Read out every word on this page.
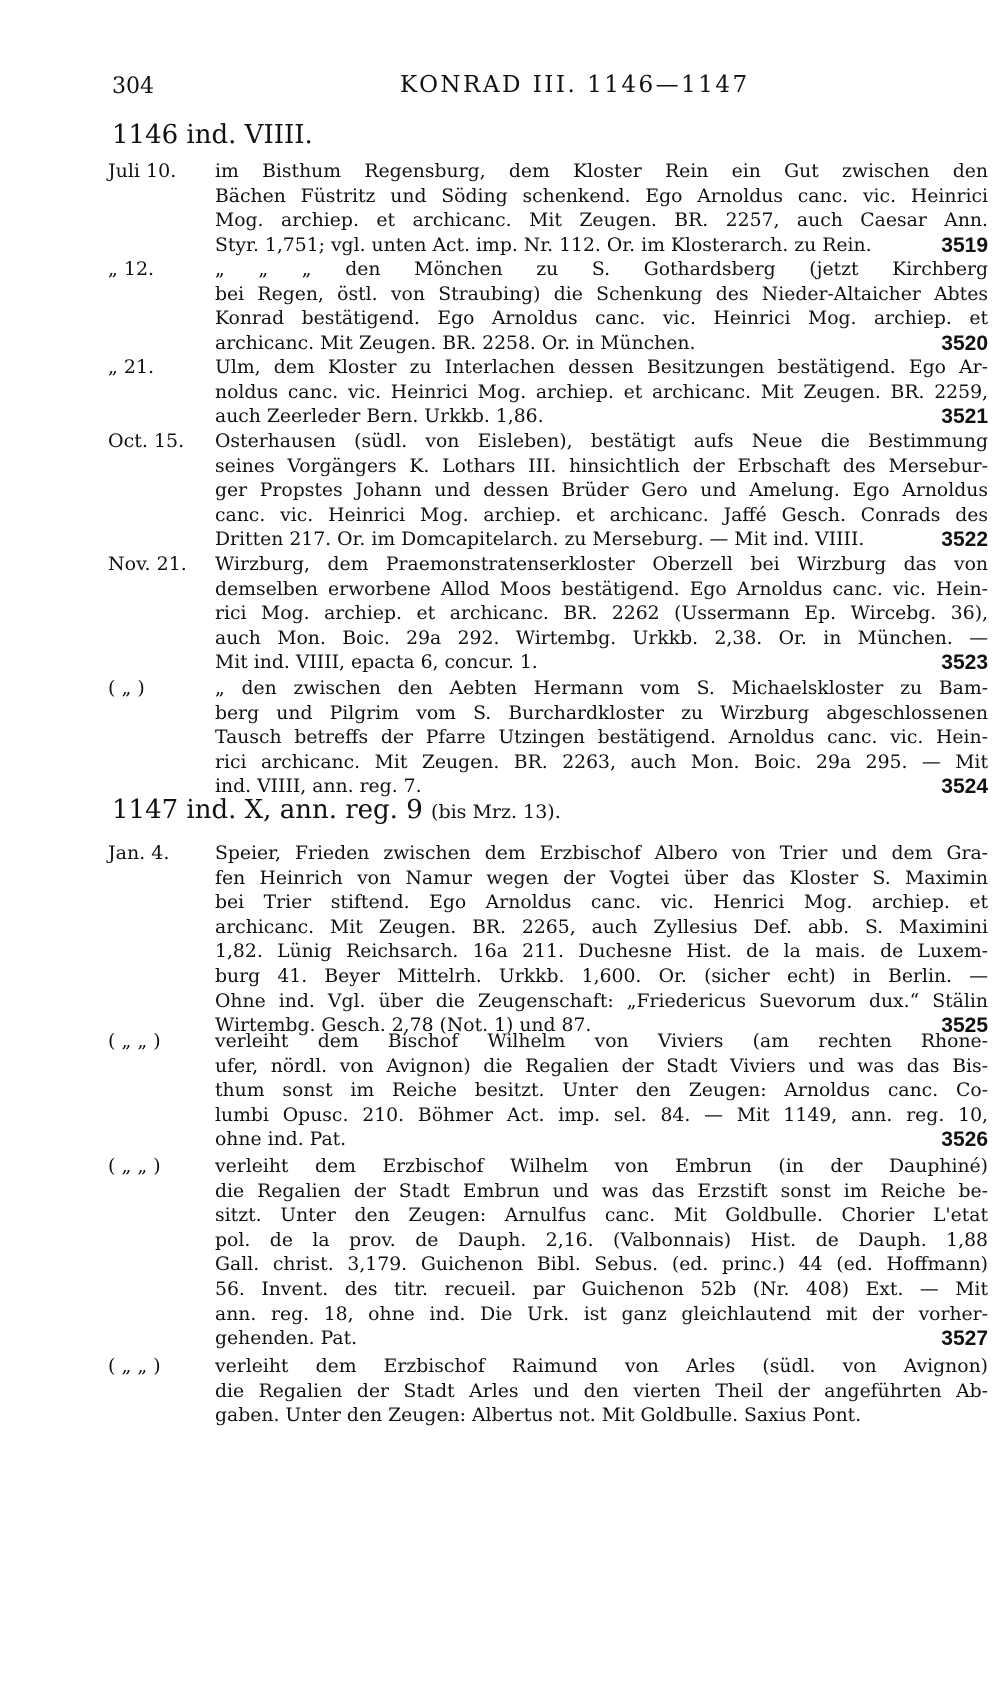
304	KONRAD III. 1146—1147
1146 ind. VIIII.
1147 ind. X, ann. reg. 9 (bis Mrz. 13).
Juli 10.	im Bisthum Regensburg, dem Kloster Rein ein Gut zwischen den
Bächen Füstritz und Söding schenkend. Ego Arnoldus canc. vic. Heinrici
Mog. archiep. et archicanc. Mit Zeugen. BR. 2257, auch Caesar Ann.
Styr. 1,751; vgl. unten Act. imp. Nr. 112. Or. im Klosterarch. zu Rein.	3519
„ 12.	„ „ „ den Mönchen zu S. Gothardsberg (jetzt Kirchberg
bei Regen, östl. von Straubing) die Schenkung des Nieder-Altaicher Abtes
Konrad bestätigend. Ego Arnoldus canc. vic. Heinrici Mog. archiep. et
archicanc. Mit Zeugen. BR. 2258. Or. in München.	3520
„ 21.	Ulm, dem Kloster zu Interlachen dessen Besitzungen bestätigend. Ego Ar-
noldus canc. vic. Heinrici Mog. archiep. et archicanc. Mit Zeugen. BR. 2259,
auch Zeerleder Bern. Urkkb. 1,86.	3521
Oct. 15.	Osterhausen (südl. von Eisleben), bestätigt aufs Neue die Bestimmung
seines Vorgängers K. Lothars III. hinsichtlich der Erbschaft des Mersebur-
ger Propstes Johann und dessen Brüder Gero und Amelung. Ego Arnoldus
canc. vic. Heinrici Mog. archiep. et archicanc. Jaffé Gesch. Conrads des
Dritten 217. Or. im Domcapitelarch. zu Merseburg. — Mit ind. VIIII.	3522
Nov. 21.	Wirzburg, dem Praemonstratenserkloster Oberzell bei Wirzburg das von
demselben erworbene Allod Moos bestätigend. Ego Arnoldus canc. vic. Hein-
rici Mog. archiep. et archicanc. BR. 2262 (Ussermann Ep. Wircebg. 36),
auch Mon. Boic. 29a 292. Wirtembg. Urkkb. 2,38. Or. in München. —
Mit ind. VIIII, epacta 6, concur. 1.	3523
( „ )	„ den zwischen den Aebten Hermann vom S. Michaelskloster zu Bam-
berg und Pilgrim vom S. Burchardkloster zu Wirzburg abgeschlossenen
Tausch betreffs der Pfarre Utzingen bestätigend. Arnoldus canc. vic. Hein-
rici archicanc. Mit Zeugen. BR. 2263, auch Mon. Boic. 29a 295. — Mit
ind. VIIII, ann. reg. 7.	3524
Jan. 4.	Speier, Frieden zwischen dem Erzbischof Albero von Trier und dem Gra-
fen Heinrich von Namur wegen der Vogtei über das Kloster S. Maximin
bei Trier stiftend. Ego Arnoldus canc. vic. Henrici Mog. archiep. et
archicanc. Mit Zeugen. BR. 2265, auch Zyllesius Def. abb. S. Maximini
1,82. Lünig Reichsarch. 16a 211. Duchesne Hist. de la mais. de Luxem-
burg 41. Beyer Mittelrh. Urkkb. 1,600. Or. (sicher echt) in Berlin. —
Ohne ind. Vgl. über die Zeugenschaft: „Friedericus Suevorum dux.“ Stälin
Wirtembg. Gesch. 2,78 (Not. 1) und 87.	3525
( „ „ )	verleiht dem Bischof Wilhelm von Viviers (am rechten Rhone-
ufer, nördl. von Avignon) die Regalien der Stadt Viviers und was das Bis-
thum sonst im Reiche besitzt. Unter den Zeugen: Arnoldus canc. Co-
lumbi Opusc. 210. Böhmer Act. imp. sel. 84. — Mit 1149, ann. reg. 10,
ohne ind. Pat.	3526
( „ „ )	verleiht dem Erzbischof Wilhelm von Embrun (in der Dauphiné)
die Regalien der Stadt Embrun und was das Erzstift sonst im Reiche be-
sitzt. Unter den Zeugen: Arnulfus canc. Mit Goldbulle. Chorier L'etat
pol. de la prov. de Dauph. 2,16. (Valbonnais) Hist. de Dauph. 1,88
Gall. christ. 3,179. Guichenon Bibl. Sebus. (ed. princ.) 44 (ed. Hoffmann)
56. Invent. des titr. recueil. par Guichenon 52b (Nr. 408) Ext. — Mit
ann. reg. 18, ohne ind. Die Urk. ist ganz gleichlautend mit der vorher-
gehenden. Pat.	3527
( „ „ )	verleiht dem Erzbischof Raimund von Arles (südl. von Avignon)
die Regalien der Stadt Arles und den vierten Theil der angeführten Ab-
gaben. Unter den Zeugen: Albertus not. Mit Goldbulle. Saxius Pont.
